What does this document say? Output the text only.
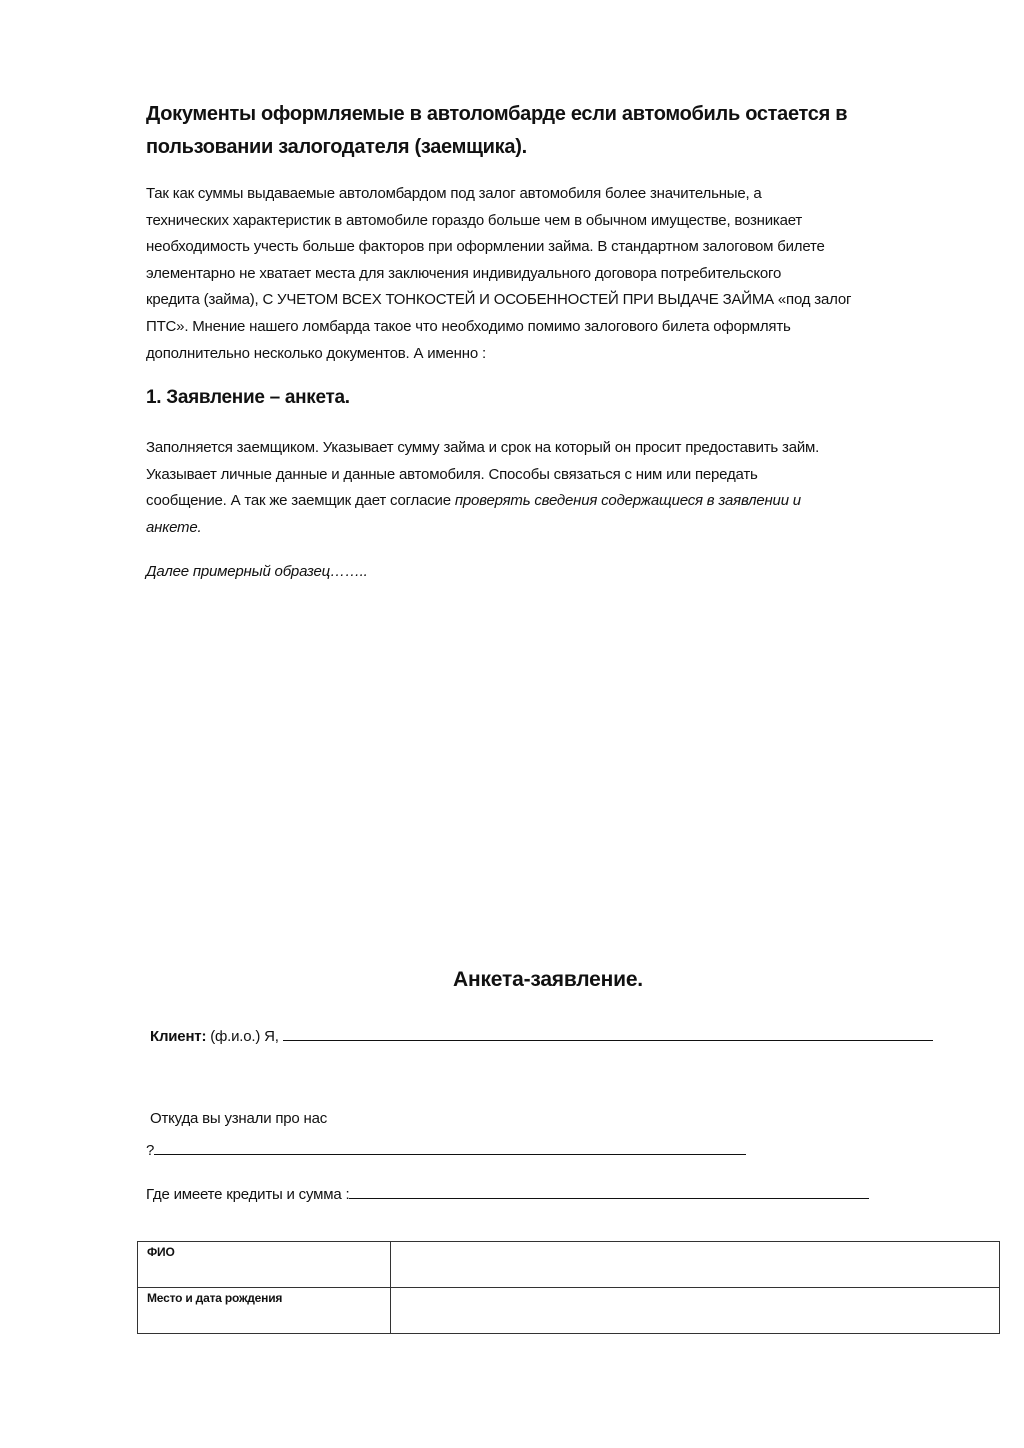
Документы оформляемые в автоломбарде если автомобиль остается в пользовании залогодателя (заемщика).
Так как суммы выдаваемые автоломбардом под залог автомобиля более значительные, а
технических характеристик в автомобиле гораздо больше чем в обычном имуществе, возникает
необходимость учесть больше факторов при оформлении займа. В стандартном залоговом билете
элементарно не хватает места для заключения индивидуального договора потребительского
кредита (займа), С УЧЕТОМ ВСЕХ ТОНКОСТЕЙ И ОСОБЕННОСТЕЙ ПРИ ВЫДАЧЕ ЗАЙМА «под залог
ПТС». Мнение нашего ломбарда такое что необходимо помимо залогового билета оформлять
дополнительно несколько документов. А именно :
1. Заявление – анкета.
Заполняется заемщиком. Указывает сумму займа и срок на который он просит предоставить займ.
Указывает личные данные и данные автомобиля. Способы связаться с ним или передать
сообщение. А так же заемщик дает согласие проверять сведения содержащиеся в заявлении и
анкете.

Далее примерный образец……..

Анкета-заявление.
Клиент: (ф.и.о.) Я,
Откуда вы узнали про нас
?
Где имеете кредиты и сумма :
ФИО	
Место и дата рождения	
